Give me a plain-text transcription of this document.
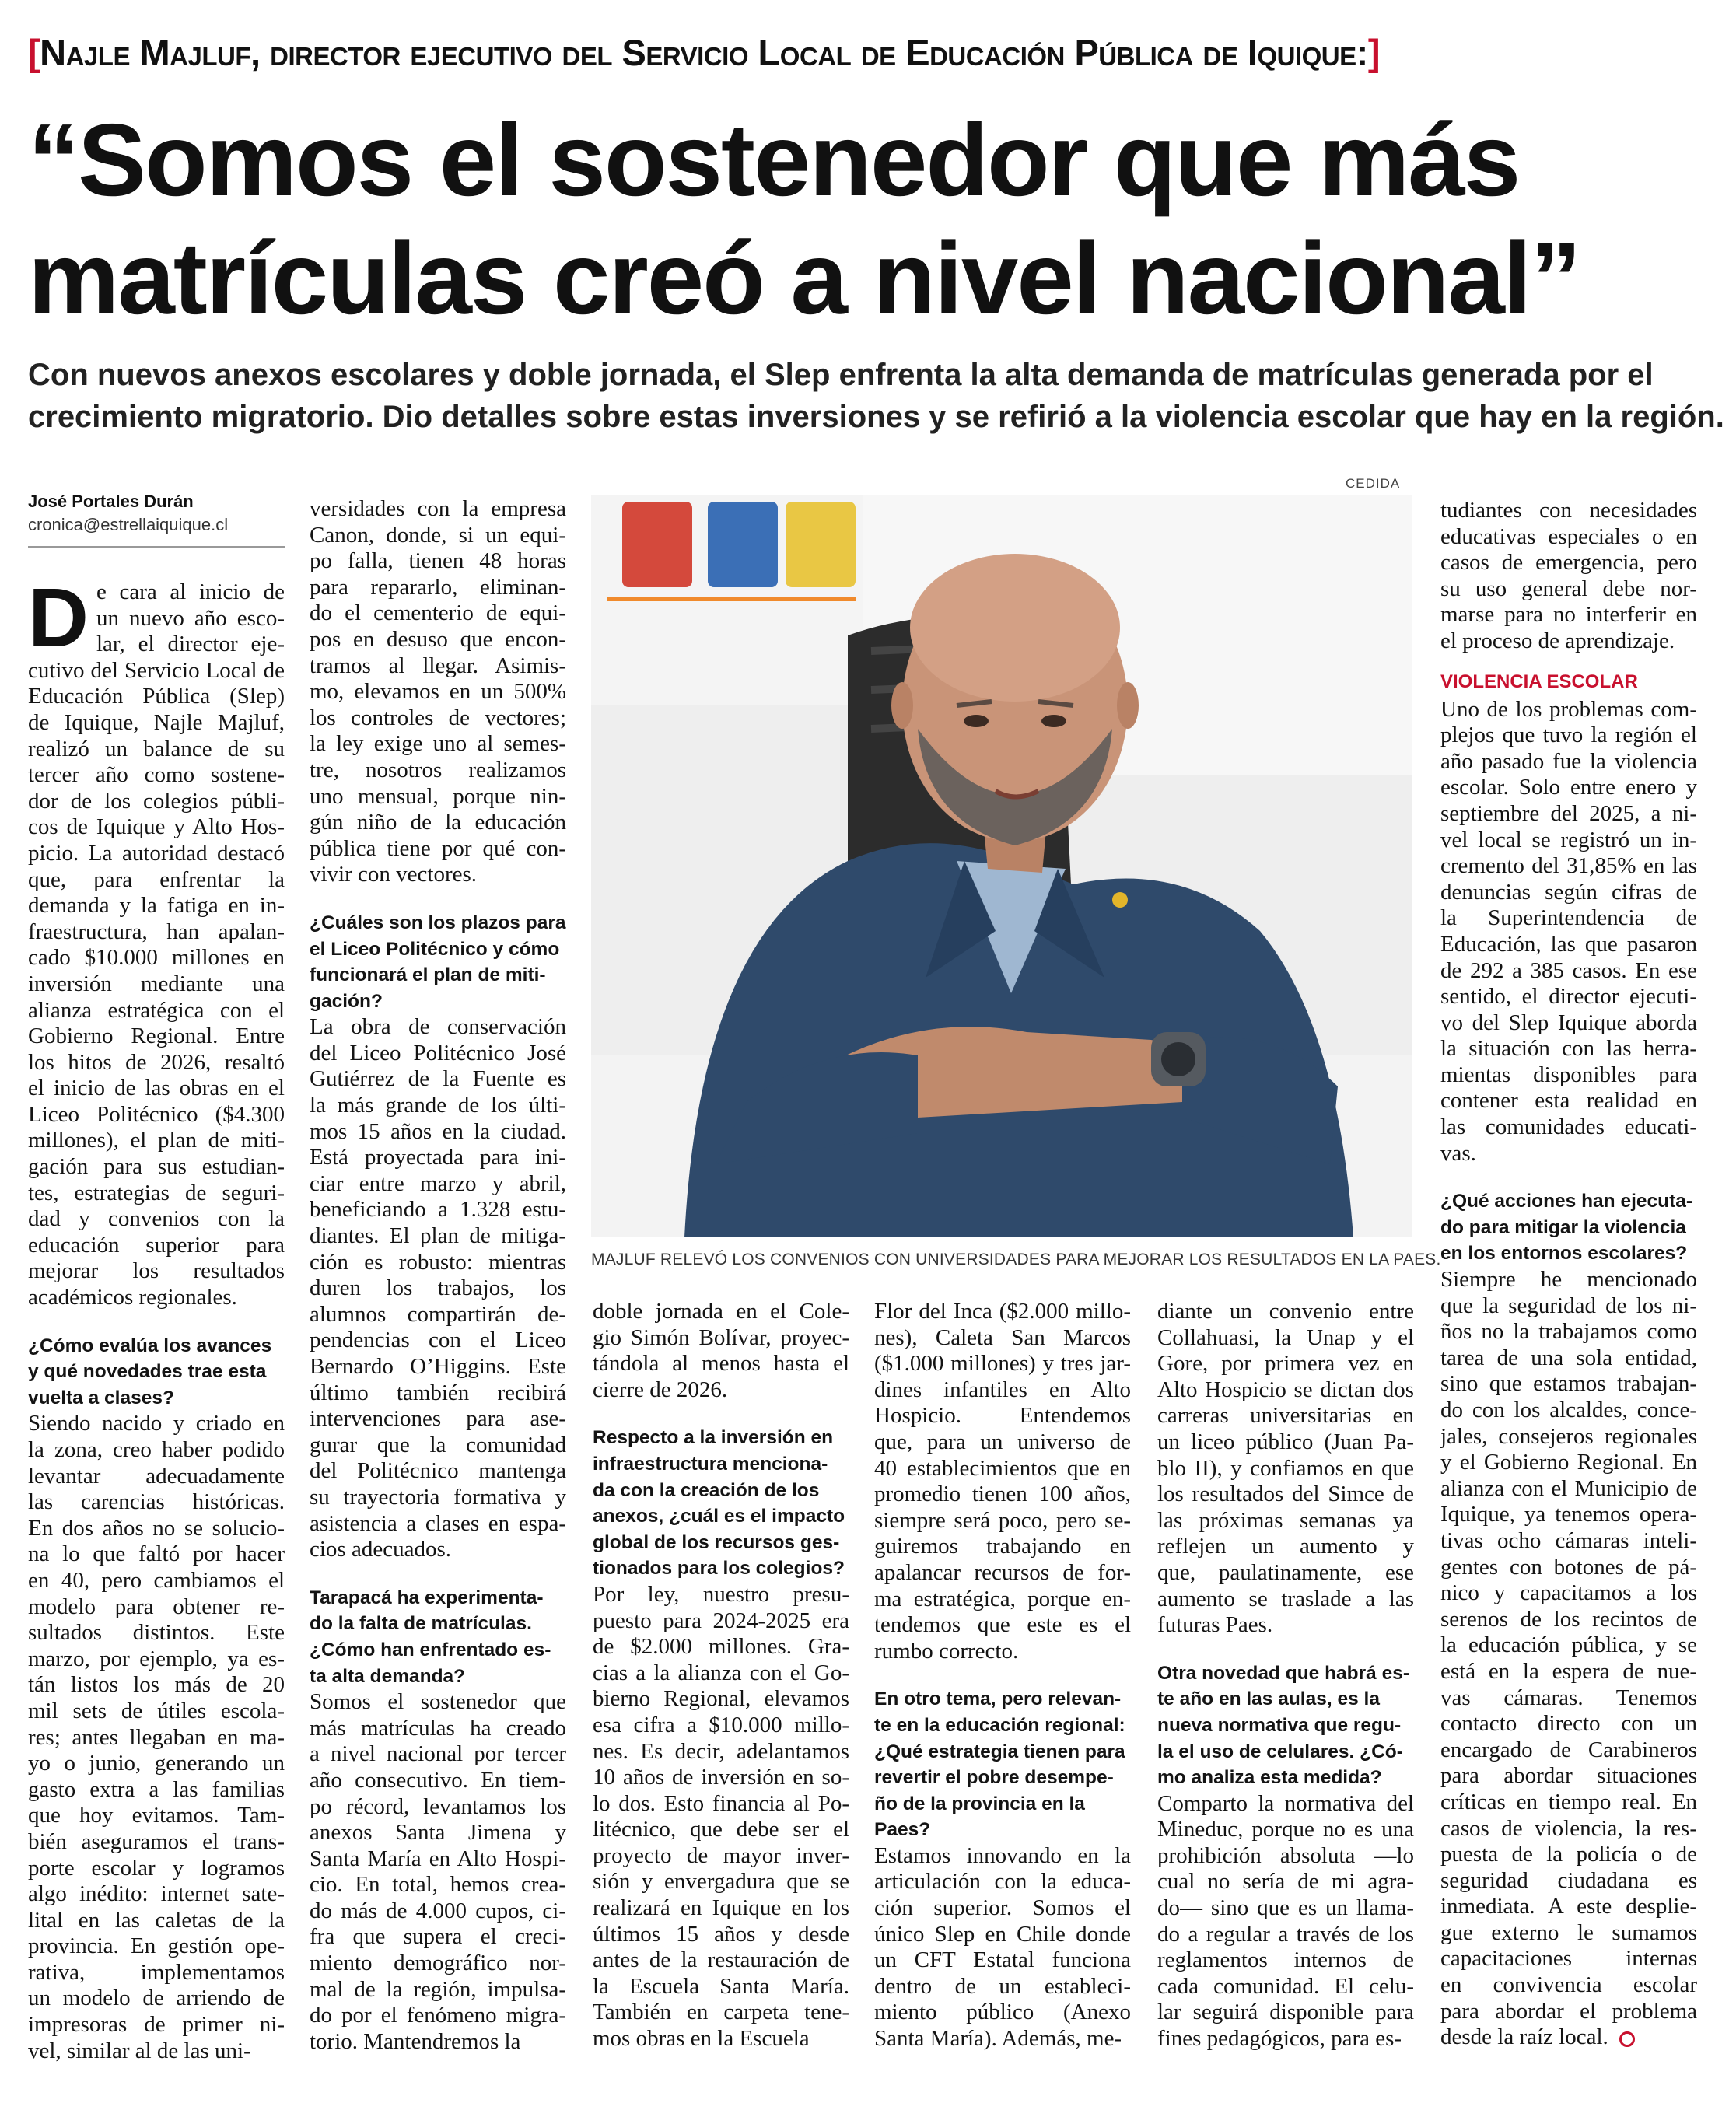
[Najle Majluf, director ejecutivo del Servicio Local de Educación Pública de Iquique:]
“Somos el sostenedor que más
matrículas creó a nivel nacional”
Con nuevos anexos escolares y doble jornada, el Slep enfrenta la alta demanda de matrículas generada por el
crecimiento migratorio. Dio detalles sobre estas inversiones y se refirió a la violencia escolar que hay en la región.
José Portales Durán
cronica@estrellaiquique.cl
CEDIDA
MAJLUF RELEVÓ LOS CONVENIOS CON UNIVERSIDADES PARA MEJORAR LOS RESULTADOS EN LA PAES.
D e cara al inicio de
un nuevo año esco-
lar, el director eje-
cutivo del Servicio Local de
Educación Pública (Slep)
de Iquique, Najle Majluf,
realizó un balance de su
tercer año como sostene-
dor de los colegios públi-
cos de Iquique y Alto Hos-
picio. La autoridad destacó
que, para enfrentar la
demanda y la fatiga en in-
fraestructura, han apalan-
cado $10.000 millones en
inversión mediante una
alianza estratégica con el
Gobierno Regional. Entre
los hitos de 2026, resaltó
el inicio de las obras en el
Liceo Politécnico ($4.300
millones), el plan de miti-
gación para sus estudian-
tes, estrategias de seguri-
dad y convenios con la
educación superior para
mejorar los resultados
académicos regionales.
¿Cómo evalúa los avances
y qué novedades trae esta
vuelta a clases?
Siendo nacido y criado en
la zona, creo haber podido
levantar adecuadamente
las carencias históricas.
En dos años no se solucio-
na lo que faltó por hacer
en 40, pero cambiamos el
modelo para obtener re-
sultados distintos. Este
marzo, por ejemplo, ya es-
tán listos los más de 20
mil sets de útiles escola-
res; antes llegaban en ma-
yo o junio, generando un
gasto extra a las familias
que hoy evitamos. Tam-
bién aseguramos el trans-
porte escolar y logramos
algo inédito: internet sate-
lital en las caletas de la
provincia. En gestión ope-
rativa, implementamos
un modelo de arriendo de
impresoras de primer ni-
vel, similar al de las uni-
versidades con la empresa
Canon, donde, si un equi-
po falla, tienen 48 horas
para repararlo, eliminan-
do el cementerio de equi-
pos en desuso que encon-
tramos al llegar. Asimis-
mo, elevamos en un 500%
los controles de vectores;
la ley exige uno al semes-
tre, nosotros realizamos
uno mensual, porque nin-
gún niño de la educación
pública tiene por qué con-
vivir con vectores.
¿Cuáles son los plazos para
el Liceo Politécnico y cómo
funcionará el plan de miti-
gación?
La obra de conservación
del Liceo Politécnico José
Gutiérrez de la Fuente es
la más grande de los últi-
mos 15 años en la ciudad.
Está proyectada para ini-
ciar entre marzo y abril,
beneficiando a 1.328 estu-
diantes. El plan de mitiga-
ción es robusto: mientras
duren los trabajos, los
alumnos compartirán de-
pendencias con el Liceo
Bernardo O’Higgins. Este
último también recibirá
intervenciones para ase-
gurar que la comunidad
del Politécnico mantenga
su trayectoria formativa y
asistencia a clases en espa-
cios adecuados.
Tarapacá ha experimenta-
do la falta de matrículas.
¿Cómo han enfrentado es-
ta alta demanda?
Somos el sostenedor que
más matrículas ha creado
a nivel nacional por tercer
año consecutivo. En tiem-
po récord, levantamos los
anexos Santa Jimena y
Santa María en Alto Hospi-
cio. En total, hemos crea-
do más de 4.000 cupos, ci-
fra que supera el creci-
miento demográfico nor-
mal de la región, impulsa-
do por el fenómeno migra-
torio. Mantendremos la
doble jornada en el Cole-
gio Simón Bolívar, proyec-
tándola al menos hasta el
cierre de 2026.
Respecto a la inversión en
infraestructura menciona-
da con la creación de los
anexos, ¿cuál es el impacto
global de los recursos ges-
tionados para los colegios?
Por ley, nuestro presu-
puesto para 2024-2025 era
de $2.000 millones. Gra-
cias a la alianza con el Go-
bierno Regional, elevamos
esa cifra a $10.000 millo-
nes. Es decir, adelantamos
10 años de inversión en so-
lo dos. Esto financia al Po-
litécnico, que debe ser el
proyecto de mayor inver-
sión y envergadura que se
realizará en Iquique en los
últimos 15 años y desde
antes de la restauración de
la Escuela Santa María.
También en carpeta tene-
mos obras en la Escuela
Flor del Inca ($2.000 millo-
nes), Caleta San Marcos
($1.000 millones) y tres jar-
dines infantiles en Alto
Hospicio. Entendemos
que, para un universo de
40 establecimientos que en
promedio tienen 100 años,
siempre será poco, pero se-
guiremos trabajando en
apalancar recursos de for-
ma estratégica, porque en-
tendemos que este es el
rumbo correcto.
En otro tema, pero relevan-
te en la educación regional:
¿Qué estrategia tienen para
revertir el pobre desempe-
ño de la provincia en la
Paes?
Estamos innovando en la
articulación con la educa-
ción superior. Somos el
único Slep en Chile donde
un CFT Estatal funciona
dentro de un estableci-
miento público (Anexo
Santa María). Además, me-
diante un convenio entre
Collahuasi, la Unap y el
Gore, por primera vez en
Alto Hospicio se dictan dos
carreras universitarias en
un liceo público (Juan Pa-
blo II), y confiamos en que
los resultados del Simce de
las próximas semanas ya
reflejen un aumento y
que, paulatinamente, ese
aumento se traslade a las
futuras Paes.
Otra novedad que habrá es-
te año en las aulas, es la
nueva normativa que regu-
la el uso de celulares. ¿Có-
mo analiza esta medida?
Comparto la normativa del
Mineduc, porque no es una
prohibición absoluta —lo
cual no sería de mi agra-
do— sino que es un llama-
do a regular a través de los
reglamentos internos de
cada comunidad. El celu-
lar seguirá disponible para
fines pedagógicos, para es-
tudiantes con necesidades
educativas especiales o en
casos de emergencia, pero
su uso general debe nor-
marse para no interferir en
el proceso de aprendizaje.
VIOLENCIA ESCOLAR
Uno de los problemas com-
plejos que tuvo la región el
año pasado fue la violencia
escolar. Solo entre enero y
septiembre del 2025, a ni-
vel local se registró un in-
cremento del 31,85% en las
denuncias según cifras de
la Superintendencia de
Educación, las que pasaron
de 292 a 385 casos. En ese
sentido, el director ejecuti-
vo del Slep Iquique aborda
la situación con las herra-
mientas disponibles para
contener esta realidad en
las comunidades educati-
vas.
¿Qué acciones han ejecuta-
do para mitigar la violencia
en los entornos escolares?
Siempre he mencionado
que la seguridad de los ni-
ños no la trabajamos como
tarea de una sola entidad,
sino que estamos trabajan-
do con los alcaldes, conce-
jales, consejeros regionales
y el Gobierno Regional. En
alianza con el Municipio de
Iquique, ya tenemos opera-
tivas ocho cámaras inteli-
gentes con botones de pá-
nico y capacitamos a los
serenos de los recintos de
la educación pública, y se
está en la espera de nue-
vas cámaras. Tenemos
contacto directo con un
encargado de Carabineros
para abordar situaciones
críticas en tiempo real. En
casos de violencia, la res-
puesta de la policía o de
seguridad ciudadana es
inmediata. A este desplie-
gue externo le sumamos
capacitaciones internas
en convivencia escolar
para abordar el problema
desde la raíz local.
